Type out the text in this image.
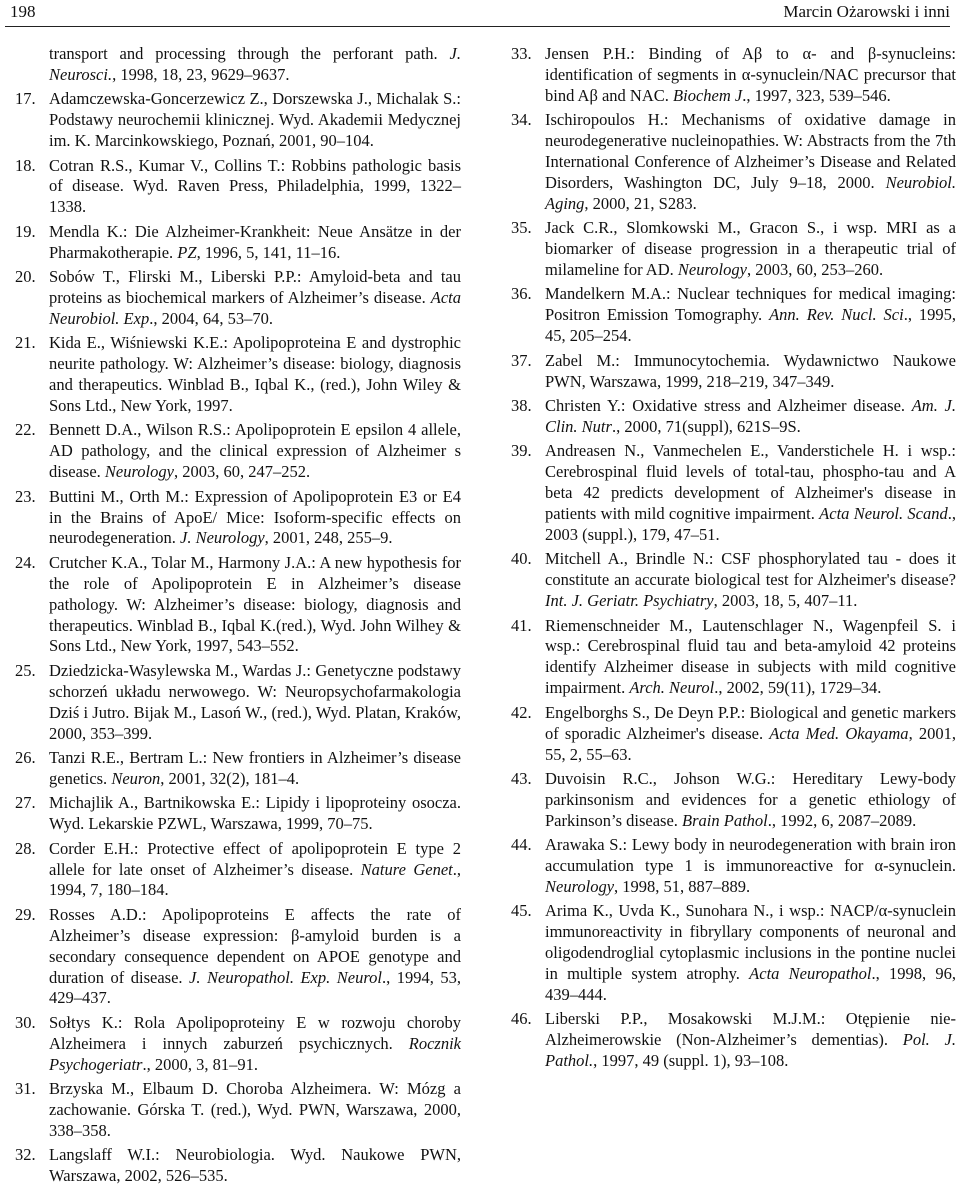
198	Marcin Ożarowski i inni
transport and processing through the perforant path. J. Neurosci., 1998, 18, 23, 9629–9637.
17. Adamczewska-Goncerzewicz Z., Dorszewska J., Michalak S.: Podstawy neurochemii klinicznej. Wyd. Akademii Medycznej im. K. Marcinkowskiego, Poznań, 2001, 90–104.
18. Cotran R.S., Kumar V., Collins T.: Robbins pathologic basis of disease. Wyd. Raven Press, Philadelphia, 1999, 1322–1338.
19. Mendla K.: Die Alzheimer-Krankheit: Neue Ansätze in der Pharmakotherapie. PZ, 1996, 5, 141, 11–16.
20. Sobów T., Flirski M., Liberski P.P.: Amyloid-beta and tau proteins as biochemical markers of Alzheimer’s disease. Acta Neurobiol. Exp., 2004, 64, 53–70.
21. Kida E., Wiśniewski K.E.: Apolipoproteina E and dystrophic neurite pathology. W: Alzheimer’s disease: biology, diagnosis and therapeutics. Winblad B., Iqbal K., (red.), John Wiley & Sons Ltd., New York, 1997.
22. Bennett D.A., Wilson R.S.: Apolipoprotein E epsilon 4 allele, AD pathology, and the clinical expression of Alzheimer s disease. Neurology, 2003, 60, 247–252.
23. Buttini M., Orth M.: Expression of Apolipoprotein E3 or E4 in the Brains of ApoE/ Mice: Isoform-specific effects on neurodegeneration. J. Neurology, 2001, 248, 255–9.
24. Crutcher K.A., Tolar M., Harmony J.A.: A new hypothesis for the role of Apolipoprotein E in Alzheimer’s disease pathology. W: Alzheimer’s disease: biology, diagnosis and therapeutics. Winblad B., Iqbal K.(red.), Wyd. John Wilhey & Sons Ltd., New York, 1997, 543–552.
25. Dziedzicka-Wasylewska M., Wardas J.: Genetyczne podstawy schorzeń układu nerwowego. W: Neuropsychofarmakologia Dziś i Jutro. Bijak M., Lasoń W., (red.), Wyd. Platan, Kraków, 2000, 353–399.
26. Tanzi R.E., Bertram L.: New frontiers in Alzheimer’s disease genetics. Neuron, 2001, 32(2), 181–4.
27. Michajlik A., Bartnikowska E.: Lipidy i lipoproteiny osocza. Wyd. Lekarskie PZWL, Warszawa, 1999, 70–75.
28. Corder E.H.: Protective effect of apolipoprotein E type 2 allele for late onset of Alzheimer’s disease. Nature Genet., 1994, 7, 180–184.
29. Rosses A.D.: Apolipoproteins E affects the rate of Alzheimer’s disease expression: β-amyloid burden is a secondary consequence dependent on APOE genotype and duration of disease. J. Neuropathol. Exp. Neurol., 1994, 53, 429–437.
30. Sołtys K.: Rola Apolipoproteiny E w rozwoju choroby Alzheimera i innych zaburzeń psychicznych. Rocznik Psychogeriatr., 2000, 3, 81–91.
31. Brzyska M., Elbaum D. Choroba Alzheimera. W: Mózg a zachowanie. Górska T. (red.), Wyd. PWN, Warszawa, 2000, 338–358.
32. Langslaff W.I.: Neurobiologia. Wyd. Naukowe PWN, Warszawa, 2002, 526–535.
33. Jensen P.H.: Binding of Aβ to α- and β-synucleins: identification of segments in α-synuclein/NAC precursor that bind Aβ and NAC. Biochem J., 1997, 323, 539–546.
34. Ischiropoulos H.: Mechanisms of oxidative damage in neurodegenerative nucleinopathies. W: Abstracts from the 7th International Conference of Alzheimer’s Disease and Related Disorders, Washington DC, July 9–18, 2000. Neurobiol. Aging, 2000, 21, S283.
35. Jack C.R., Slomkowski M., Gracon S., i wsp. MRI as a biomarker of disease progression in a therapeutic trial of milameline for AD. Neurology, 2003, 60, 253–260.
36. Mandelkern M.A.: Nuclear techniques for medical imaging: Positron Emission Tomography. Ann. Rev. Nucl. Sci., 1995, 45, 205–254.
37. Zabel M.: Immunocytochemia. Wydawnictwo Naukowe PWN, Warszawa, 1999, 218–219, 347–349.
38. Christen Y.: Oxidative stress and Alzheimer disease. Am. J. Clin. Nutr., 2000, 71(suppl), 621S–9S.
39. Andreasen N., Vanmechelen E., Vanderstichele H. i wsp.: Cerebrospinal fluid levels of total-tau, phospho-tau and A beta 42 predicts development of Alzheimer's disease in patients with mild cognitive impairment. Acta Neurol. Scand., 2003 (suppl.), 179, 47–51.
40. Mitchell A., Brindle N.: CSF phosphorylated tau - does it constitute an accurate biological test for Alzheimer's disease? Int. J. Geriatr. Psychiatry, 2003, 18, 5, 407–11.
41. Riemenschneider M., Lautenschlager N., Wagenpfeil S. i wsp.: Cerebrospinal fluid tau and beta-amyloid 42 proteins identify Alzheimer disease in subjects with mild cognitive impairment. Arch. Neurol., 2002, 59(11), 1729–34.
42. Engelborghs S., De Deyn P.P.: Biological and genetic markers of sporadic Alzheimer's disease. Acta Med. Okayama, 2001, 55, 2, 55–63.
43. Duvoisin R.C., Johson W.G.: Hereditary Lewy-body parkinsonism and evidences for a genetic ethiology of Parkinson’s disease. Brain Pathol., 1992, 6, 2087–2089.
44. Arawaka S.: Lewy body in neurodegeneration with brain iron accumulation type 1 is immunoreactive for α-synuclein. Neurology, 1998, 51, 887–889.
45. Arima K., Uvda K., Sunohara N., i wsp.: NACP/α-synuclein immunoreactivity in fibryllary components of neuronal and oligodendroglial cytoplasmic inclusions in the pontine nuclei in multiple system atrophy. Acta Neuropathol., 1998, 96, 439–444.
46. Liberski P.P., Mosakowski M.J.M.: Otępienie nie-Alzheimerowskie (Non-Alzheimer’s dementias). Pol. J. Pathol., 1997, 49 (suppl. 1), 93–108.
